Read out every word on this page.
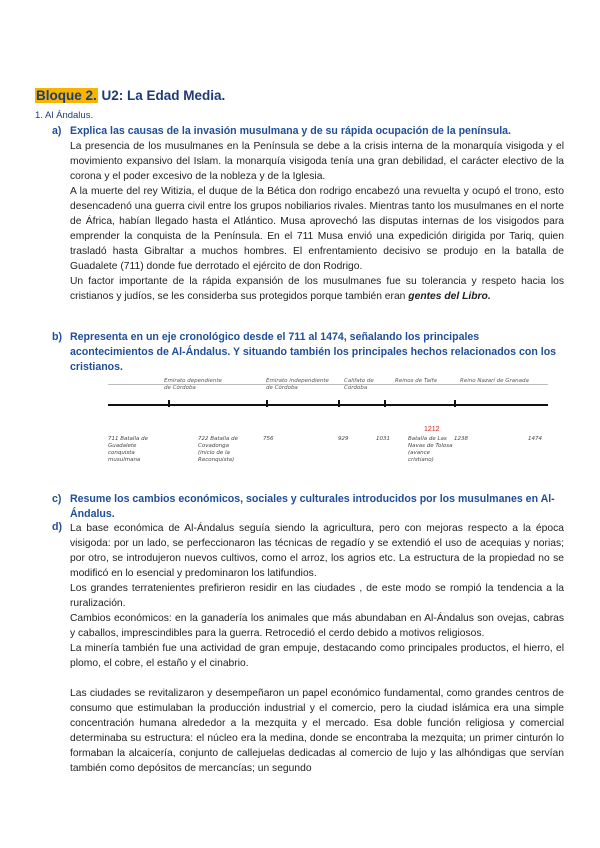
Bloque 2. U2: La Edad Media.
1. Al Ándalus.
a) Explica las causas de la invasión musulmana y de su rápida ocupación de la península.

La presencia de los musulmanes en la Península se debe a la crisis interna de la monarquía visigoda y el movimiento expansivo del Islam. la monarquía visigoda tenía una gran debilidad, el carácter electivo de la corona y el poder excesivo de la nobleza y de la Iglesia.

A la muerte del rey Witizia, el duque de la Bética don rodrigo encabezó una revuelta y ocupó el trono, esto desencadenó una guerra civil entre los grupos nobiliarios rivales. Mientras tanto los musulmanes en el norte de África, habían llegado hasta el Atlántico. Musa aprovechó las disputas internas de los visigodos para emprender la conquista de la Península. En el 711 Musa envió una expedición dirigida por Tariq, quien trasladó hasta Gibraltar a muchos hombres. El enfrentamiento decisivo se produjo en la batalla de Guadalete (711) donde fue derrotado el ejército de don Rodrigo.

Un factor importante de la rápida expansión de los musulmanes fue su tolerancia y respeto hacia los cristianos y judíos, se les considerba sus protegidos porque también eran gentes del Libro.

b) Representa en un eje cronológico desde el 711 al 1474, señalando los principales acontecimientos de Al-Ándalus. Y situando también los principales hechos relacionados con los cristianos.
Emirato dependiente de Córdoba
Emirato independiente de Córdoba
Califato de Córdoba
Reinos de Taifa	Reino Nazarí de Granada
711 Batalla de Guadalete conquista musulmana
722 Batalla de Covadonga (inicio de la Reconquista)
756	929	1031	Batalla de Las Navas de Tolosa (avance cristiano)
1238	1474
1212
c) Resume los cambios económicos, sociales y culturales introducidos por los musulmanes en Al-Ándalus.
d) La base económica de Al-Ándalus seguía siendo la agricultura, pero con mejoras respecto a la época visigoda: por un lado, se perfeccionaron las técnicas de regadío y se extendió el uso de acequias y norias; por otro, se introdujeron nuevos cultivos, como el arroz, los agrios etc. La estructura de la propiedad no se modificó en lo esencial y predominaron los latifundios.

Los grandes terratenientes prefirieron residir en las ciudades , de este modo se rompió la tendencia a la ruralización.

Cambios económicos: en la ganadería los animales que más abundaban en Al-Ándalus son ovejas, cabras y caballos, imprescindibles para la guerra. Retrocedió el cerdo debido a motivos religiosos.

La minería también fue una actividad de gran empuje, destacando como principales productos, el hierro, el plomo, el cobre, el estaño y el cinabrio.

Las ciudades se revitalizaron y desempeñaron un papel económico fundamental, como grandes centros de consumo que estimulaban la producción industrial y el comercio, pero la ciudad islámica era una simple concentración humana alrededor a la mezquita y el mercado. Esa doble función religiosa y comercial determinaba su estructura: el núcleo era la medina, donde se encontraba la mezquita; un primer cinturón lo formaban la alcaicería, conjunto de callejuelas dedicadas al comercio de lujo y las alhóndigas que servían también como depósitos de mercancías; un segundo
